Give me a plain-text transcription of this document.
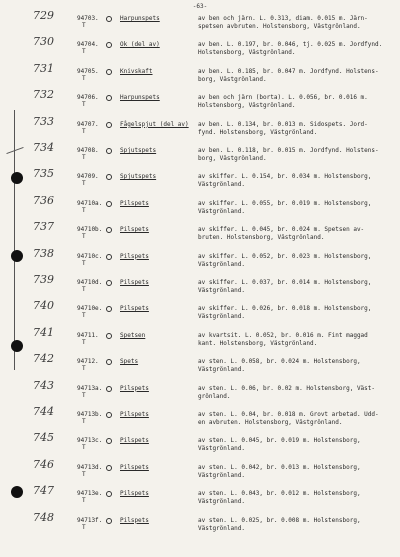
-63-
729	94703.
T
Harpunspets	av ben och järn. L. 0.313, diam. 0.015 m. Järn-
spetsen avbruten. Holstensborg, Västgrönland.
730	94704.
T
Ok (del av)	av ben. L. 0.197, br. 0.046, tj. 0.025 m. Jordfynd.
Holstensborg, Västgrönland.
731	94705.
T
Knivskaft	av ben. L. 0.185, br. 0.047 m. Jordfynd. Holstens-
borg, Västgrönland.
732	94706.
T
Harpunspets	av ben och järn (borta). L. 0.056, br. 0.016 m.
Holstensborg, Västgrönland.
733	94707.
T
Fågelspjut (del av) av ben. L. 0.134, br. 0.013 m. Sidospets. Jord-
fynd. Holstensborg, Västgrönland.
734	94708.
T
Spjutspets	av ben. L. 0.118, br. 0.015 m. Jordfynd. Holstens-
borg, Västgrönland.
735	94709.
T
Spjutspets	av skiffer. L. 0.154, br. 0.034 m. Holstensborg,
Västgrönland.
736	94710a.
T
Pilspets	av skiffer. L. 0.055, br. 0.019 m. Holstensborg,
Västgrönland.
737	94710b.
T
Pilspets	av skiffer. L. 0.045, br. 0.024 m. Spetsen av-
bruten. Holstensborg, Västgrönland.
738	94710c.
T
Pilspets	av skiffer. L. 0.052, br. 0.023 m. Holstensborg,
Västgrönland.
739	94710d.
T
Pilspets	av skiffer. L. 0.037, br. 0.014 m. Holstensborg,
Västgrönland.
740	94710e.
T
Pilspets	av skiffer. L. 0.026, br. 0.018 m. Holstensborg,
Västgrönland.
741	94711.
T
Spetsen	av kvartsit. L. 0.052, br. 0.016 m. Fint maggad
kant. Holstensborg, Västgrönland.
742	94712.
T
Spets	av sten. L. 0.058, br. 0.024 m. Holstensborg,
Västgrönland.
743	94713a.
T
Pilspets	av sten. L. 0.06, br. 0.02 m. Holstensborg, Väst-
grönland.
744	94713b.
T
Pilspets	av sten. L. 0.04, br. 0.018 m. Grovt arbetad. Udd-
en avbruten. Holstensborg, Västgrönland.
745	94713c.
T
Pilspets	av sten. L. 0.045, br. 0.019 m. Holstensborg,
Västgrönland.
746	94713d.
T
Pilspets	av sten. L. 0.042, br. 0.013 m. Holstensborg,
Västgrönland.
747	94713e.
T
Pilspets	av sten. L. 0.043, br. 0.012 m. Holstensborg,
Västgrönland.
748	94713f.
T
Pilspets	av sten. L. 0.025, br. 0.008 m. Holstensborg,
Västgrönland.
